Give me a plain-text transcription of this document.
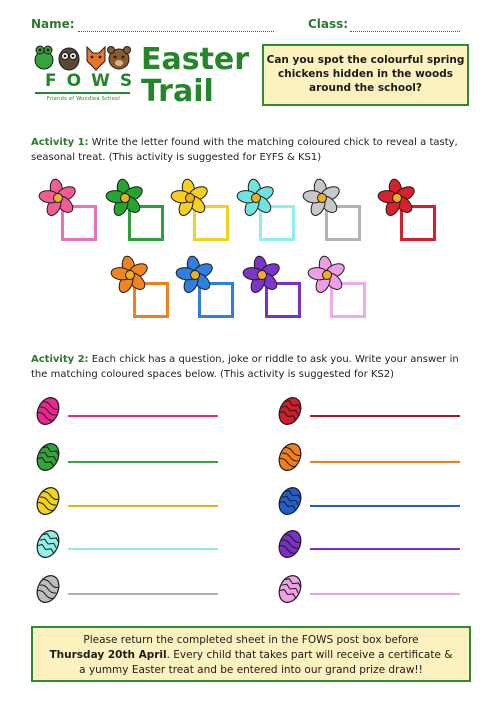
Name:	Class:
FOWS
Friends of Woodlea School
Easter
Trail
Can you spot the colourful spring chickens hidden in the woods around the school?
Activity 1: Write the letter found with the matching coloured chick to reveal a tasty, seasonal treat. (This activity is suggested for EYFS & KS1)
Activity 2: Each chick has a question, joke or riddle to ask you. Write your answer in the matching coloured spaces below. (This activity is suggested for KS2)
Please return the completed sheet in the FOWS post box before
Thursday 20th April. Every child that takes part will receive a certificate &
a yummy Easter treat and be entered into our grand prize draw!!
